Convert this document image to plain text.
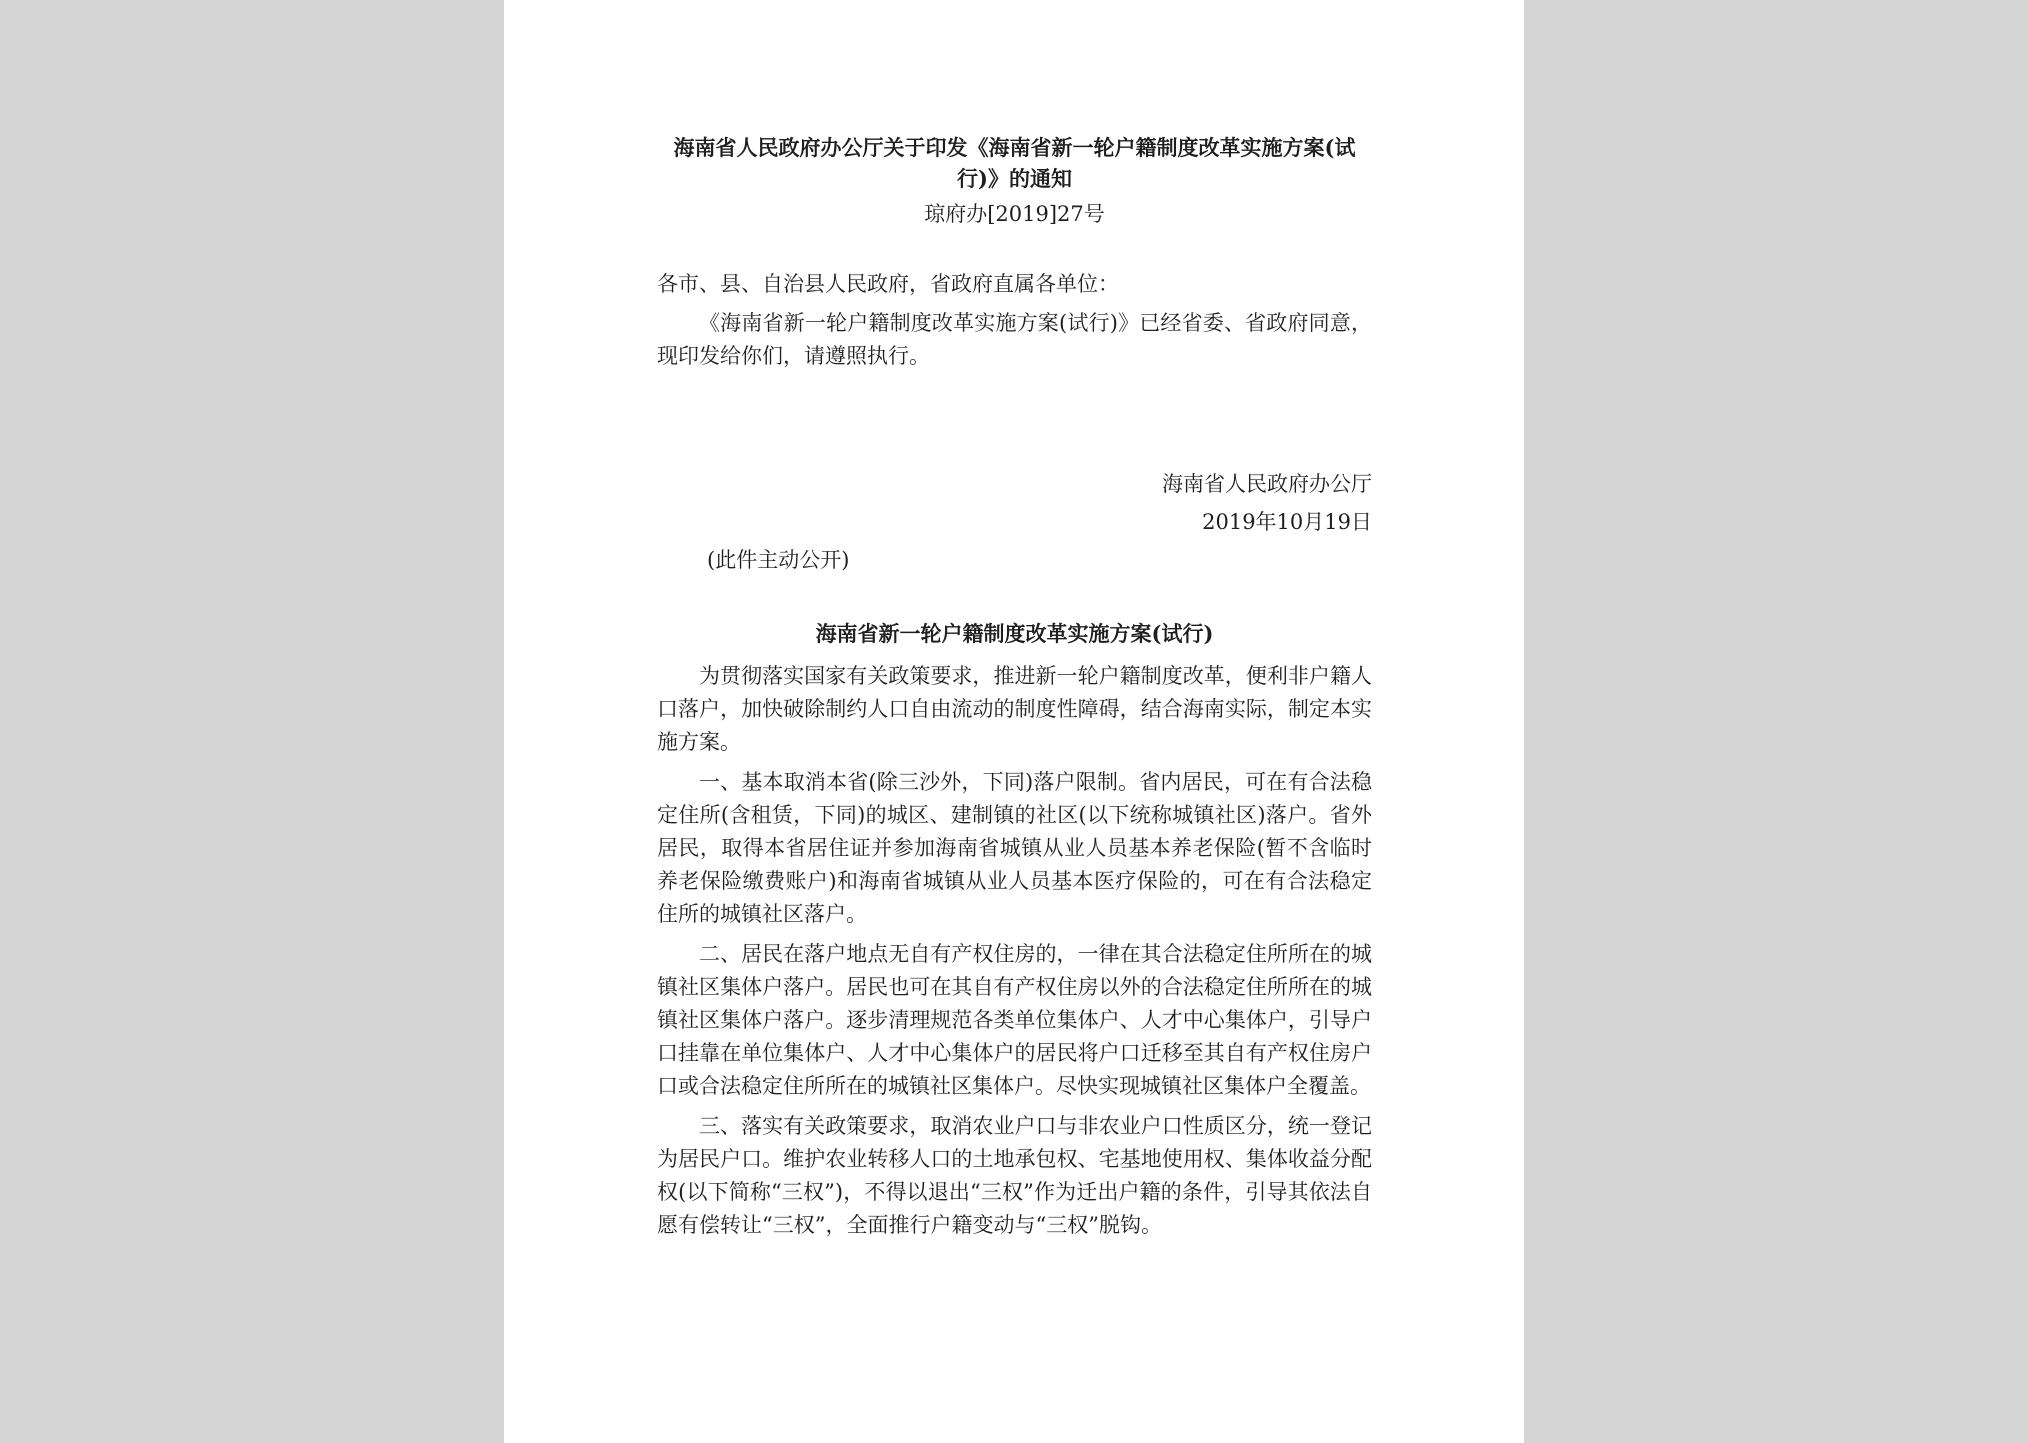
海南省人民政府办公厅关于印发《海南省新一轮户籍制度改革实施方案(试行)》的通知
琼府办[2019]27号
各市、县、自治县人民政府，省政府直属各单位：

《海南省新一轮户籍制度改革实施方案(试行)》已经省委、省政府同意，现印发给你们，请遵照执行。

海南省人民政府办公厅
2019年10月19日
(此件主动公开)
海南省新一轮户籍制度改革实施方案(试行)

为贯彻落实国家有关政策要求，推进新一轮户籍制度改革，便利非户籍人口落户，加快破除制约人口自由流动的制度性障碍，结合海南实际，制定本实施方案。

一、基本取消本省(除三沙外，下同)落户限制。省内居民，可在有合法稳定住所(含租赁，下同)的城区、建制镇的社区(以下统称城镇社区)落户。省外居民，取得本省居住证并参加海南省城镇从业人员基本养老保险(暂不含临时养老保险缴费账户)和海南省城镇从业人员基本医疗保险的，可在有合法稳定住所的城镇社区落户。

二、居民在落户地点无自有产权住房的，一律在其合法稳定住所所在的城镇社区集体户落户。居民也可在其自有产权住房以外的合法稳定住所所在的城镇社区集体户落户。逐步清理规范各类单位集体户、人才中心集体户，引导户口挂靠在单位集体户、人才中心集体户的居民将户口迁移至其自有产权住房户口或合法稳定住所所在的城镇社区集体户。尽快实现城镇社区集体户全覆盖。

三、落实有关政策要求，取消农业户口与非农业户口性质区分，统一登记为居民户口。维护农业转移人口的土地承包权、宅基地使用权、集体收益分配权(以下简称“三权”)，不得以退出“三权”作为迁出户籍的条件，引导其依法自愿有偿转让“三权”，全面推行户籍变动与“三权”脱钩。
